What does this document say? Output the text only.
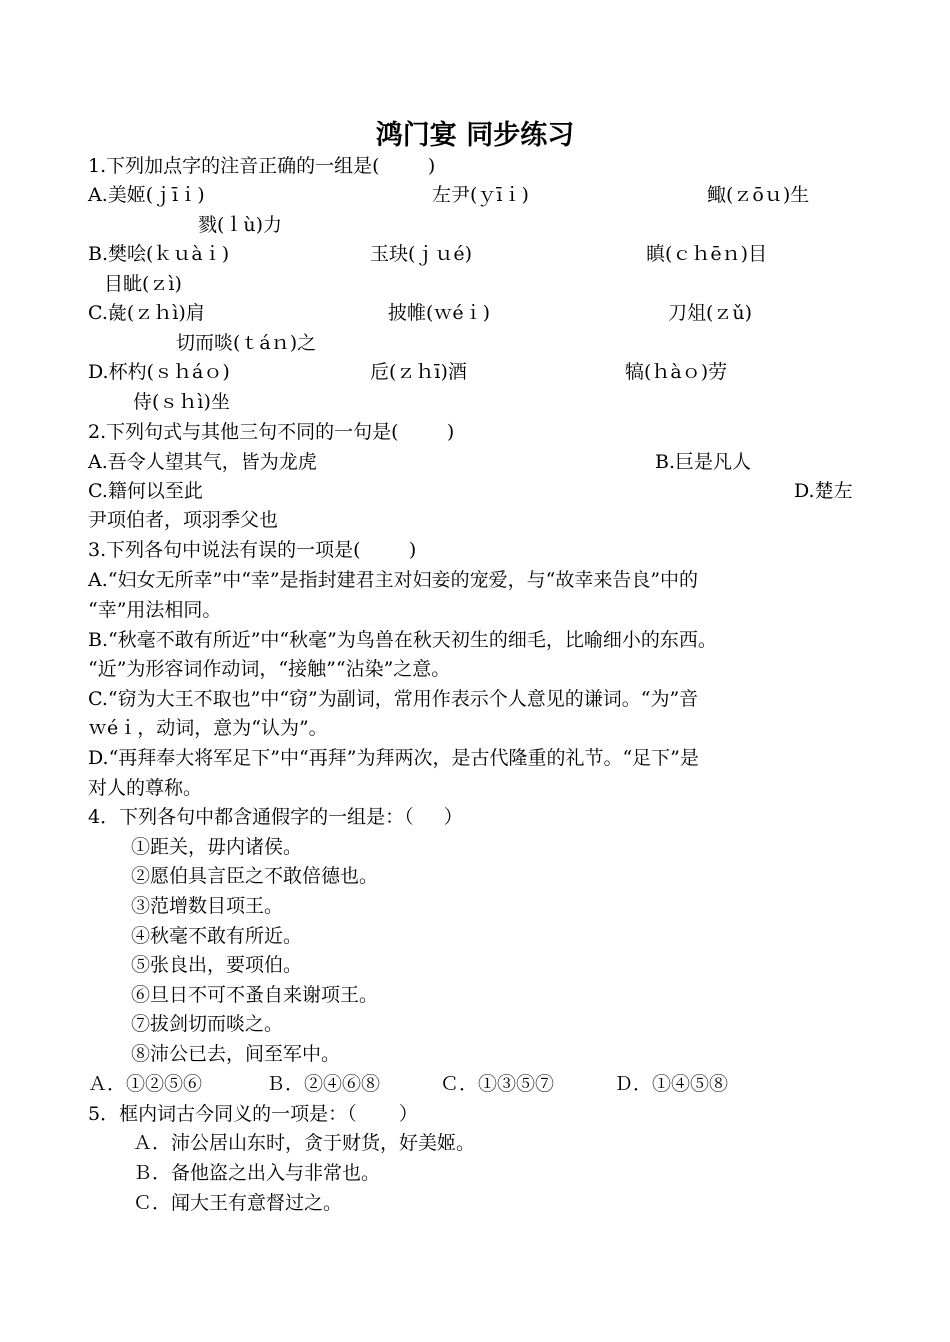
鸿门宴 同步练习
1.下列加点字的注音正确的一组是(        )
A.美姬(ｊīｉ)	左尹(ｙīｉ)	鲰(ｚōｕ)生
戮(ｌù)力
B.樊哙(ｋｕàｉ)	玉玦(ｊｕé)	瞋(ｃｈēｎ)目
目眦(ｚì)
C.彘(ｚｈì)肩	披帷(ｗéｉ)	刀俎(ｚǔ)
切而啖(ｔáｎ)之
D.杯杓(ｓｈáｏ)	卮(ｚｈī)酒	犒(ｈàｏ)劳
侍(ｓｈì)坐
2.下列句式与其他三句不同的一句是(        )
A.吾令人望其气，皆为龙虎	B.巨是凡人
C.籍何以至此	D.楚左
尹项伯者，项羽季父也
3.下列各句中说法有误的一项是(        )
A.“妇女无所幸”中“幸”是指封建君主对妇妾的宠爱，与“故幸来告良”中的
“幸”用法相同。
B.“秋毫不敢有所近”中“秋毫”为鸟兽在秋天初生的细毛，比喻细小的东西。
“近”为形容词作动词，“接触”“沾染”之意。
C.“窃为大王不取也”中“窃”为副词，常用作表示个人意见的谦词。“为”音
ｗéｉ，动词，意为“认为”。
D.“再拜奉大将军足下”中“再拜”为拜两次，是古代隆重的礼节。“足下”是
对人的尊称。
4．下列各句中都含通假字的一组是：（     ）
①距关，毋内诸侯。
②愿伯具言臣之不敢倍德也。
③范增数目项王。
④秋毫不敢有所近。
⑤张良出，要项伯。
⑥旦日不可不蚤自来谢项王。
⑦拔剑切而啖之。
⑧沛公已去，间至军中。
Ａ．①②⑤⑥	Ｂ．②④⑥⑧	Ｃ．①③⑤⑦	Ｄ．①④⑤⑧
5．框内词古今同义的一项是：（       ）
Ａ．沛公居山东时，贪于财货，好美姬。
Ｂ．备他盗之出入与非常也。
Ｃ．闻大王有意督过之。
